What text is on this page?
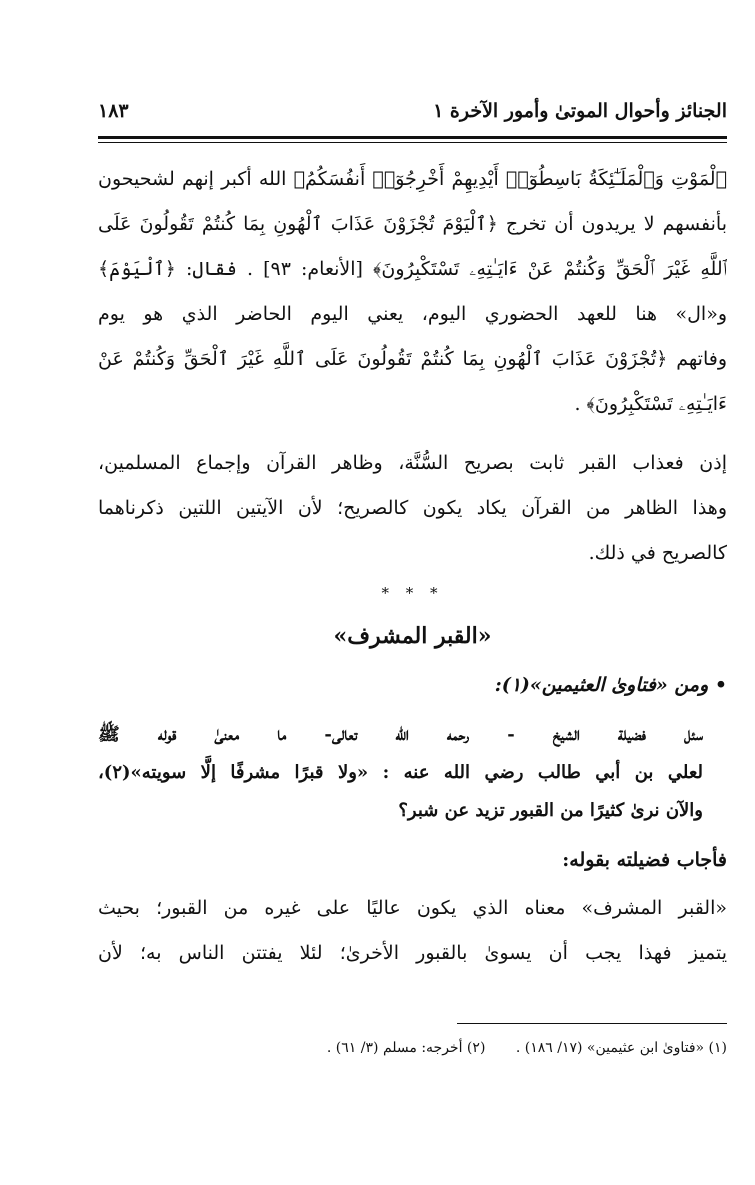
الجنائز وأحوال الموتىٰ وأمور الآخرة ١
١٨٣
ٱلْمَوْتِ وَٱلْمَلَـٰٓئِكَةُ بَاسِطُوٓا۟ أَيْدِيهِمْ أَخْرِجُوٓا۟ أَنفُسَكُمُ﴾ الله أكبر إنهم لشحيحون
بأنفسهم لا يريدون أن تخرج ﴿ٱلْيَوْمَ تُجْزَوْنَ عَذَابَ ٱلْهُونِ بِمَا كُنتُمْ تَقُولُونَ عَلَى
ٱللَّهِ غَيْرَ ٱلْحَقِّ وَكُنتُمْ عَنْ ءَايَـٰتِهِۦ تَسْتَكْبِرُونَ﴾ [الأنعام: ٩٣] . فقال: ﴿ٱلْيَوْمَ﴾
و«ال» هنا للعهد الحضوري اليوم، يعني اليوم الحاضر الذي هو يوم
وفاتهم ﴿تُجْزَوْنَ عَذَابَ ٱلْهُونِ بِمَا كُنتُمْ تَقُولُونَ عَلَى ٱللَّهِ غَيْرَ ٱلْحَقِّ وَكُنتُمْ عَنْ
ءَايَـٰتِهِۦ تَسْتَكْبِرُونَ﴾ .
إذن فعذاب القبر ثابت بصريح السُّنَّة، وظاهر القرآن وإجماع المسلمين،
وهذا الظاهر من القرآن يكاد يكون كالصريح؛ لأن الآيتين اللتين ذكرناهما
كالصريح في ذلك.
* * *
«القبر المشرف»
• ومن «فتاوىٰ العثيمين»(١):
سئل فضيلة الشيخ - رحمه الله تعالى- ما معنىٰ قوله ﷺ
لعلي بن أبي طالب رضي الله عنه : «ولا قبرًا مشرفًا إلَّا سويته»(٢)،
والآن نرىٰ كثيرًا من القبور تزيد عن شبر؟
فأجاب فضيلته بقوله:
«القبر المشرف» معناه الذي يكون عاليًا على غيره من القبور؛ بحيث
يتميز فهذا يجب أن يسوىٰ بالقبور الأخرىٰ؛ لئلا يفتتن الناس به؛ لأن
(١) «فتاوىٰ ابن عثيمين» (١٧/ ١٨٦) . (٢) أخرجه: مسلم (٣/ ٦١) .
